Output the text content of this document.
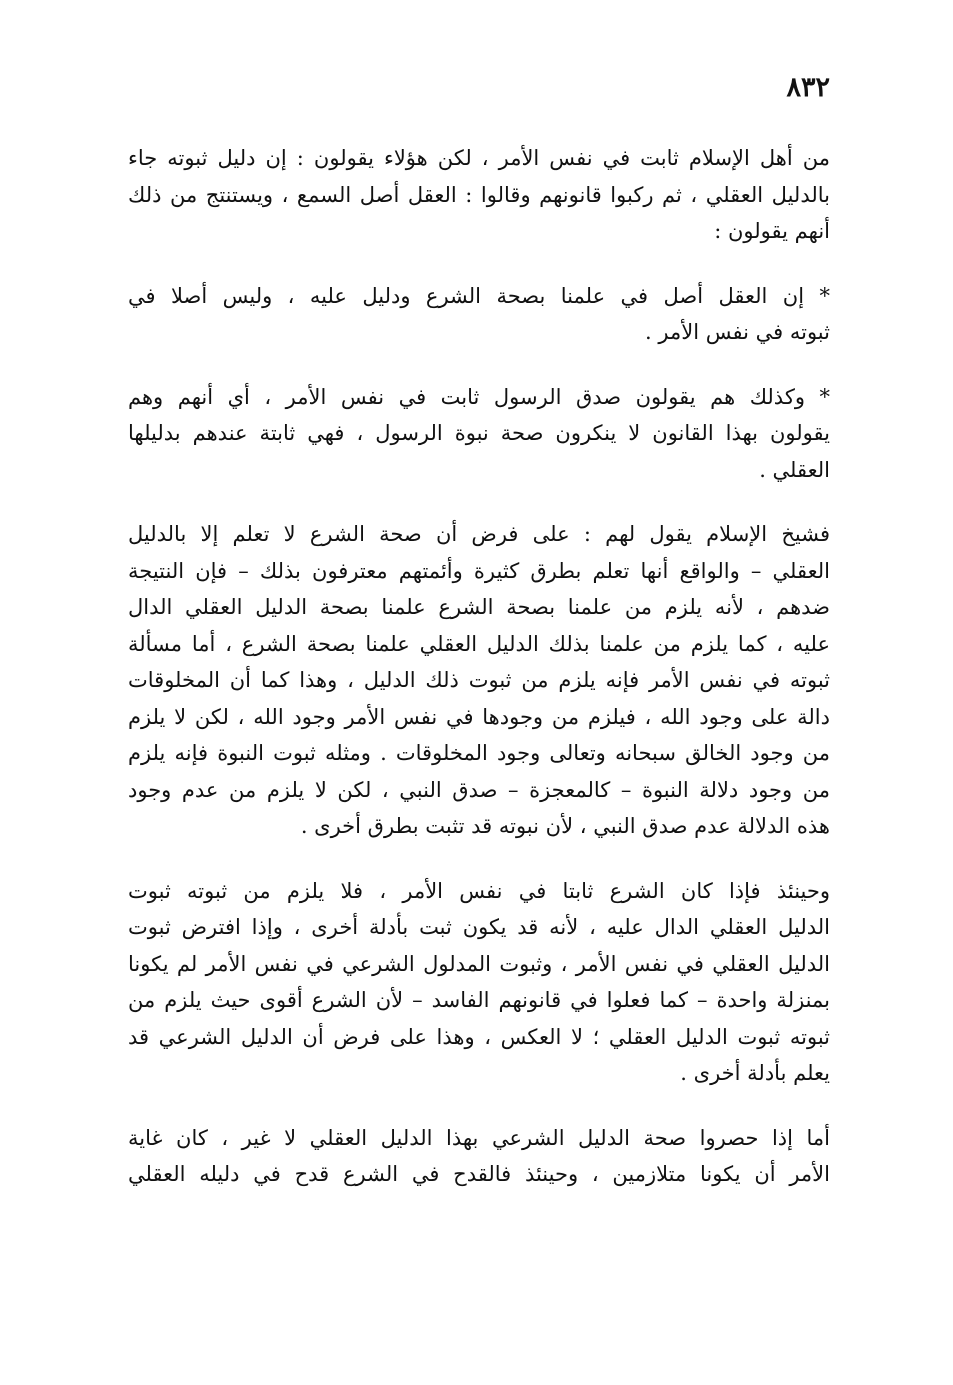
٨٣٢
من أهل الإسلام ثابت في نفس الأمر ، لكن هؤلاء يقولون : إن دليل ثبوته جاء
بالدليل العقلي ، ثم ركبوا قانونهم وقالوا : العقل أصل السمع ، ويستنتج من ذلك
أنهم يقولون :
* إن العقل أصل في علمنا بصحة الشرع ودليل عليه ، وليس أصلا في
ثبوته في نفس الأمر .
* وكذلك هم يقولون صدق الرسول ثابت في نفس الأمر ، أي أنهم وهم
يقولون بهذا القانون لا ينكرون صحة نبوة الرسول ، فهي ثابتة عندهم بدليلها
العقلي .
فشيخ الإسلام يقول لهم : على فرض أن صحة الشرع لا تعلم إلا بالدليل
العقلي – والواقع أنها تعلم بطرق كثيرة وأئمتهم معترفون بذلك – فإن النتيجة
ضدهم ، لأنه يلزم من علمنا بصحة الشرع علمنا بصحة الدليل العقلي الدال
عليه ، كما يلزم من علمنا بذلك الدليل العقلي علمنا بصحة الشرع ، أما مسألة
ثبوته في نفس الأمر فإنه يلزم من ثبوت ذلك الدليل ، وهذا كما أن المخلوقات
دالة على وجود الله ، فيلزم من وجودها في نفس الأمر وجود الله ، لكن لا يلزم
من وجود الخالق سبحانه وتعالى وجود المخلوقات . ومثله ثبوت النبوة فإنه يلزم
من وجود دلالة النبوة – كالمعجزة – صدق النبي ، لكن لا يلزم من عدم وجود
هذه الدلالة عدم صدق النبي ، لأن نبوته قد تثبت بطرق أخرى .
وحينئذ فإذا كان الشرع ثابتا في نفس الأمر ، فلا يلزم من ثبوته ثبوت
الدليل العقلي الدال عليه ، لأنه قد يكون ثبت بأدلة أخرى ، وإذا افترض ثبوت
الدليل العقلي في نفس الأمر ، وثبوت المدلول الشرعي في نفس الأمر لم يكونا
بمنزلة واحدة – كما فعلوا في قانونهم الفاسد – لأن الشرع أقوى حيث يلزم من
ثبوته ثبوت الدليل العقلي ؛ لا العكس ، وهذا على فرض أن الدليل الشرعي قد
يعلم بأدلة أخرى .
أما إذا حصروا صحة الدليل الشرعي بهذا الدليل العقلي لا غير ، كان غاية
الأمر أن يكونا متلازمين ، وحينئذ فالقدح في الشرع قدح في دليله العقلي
